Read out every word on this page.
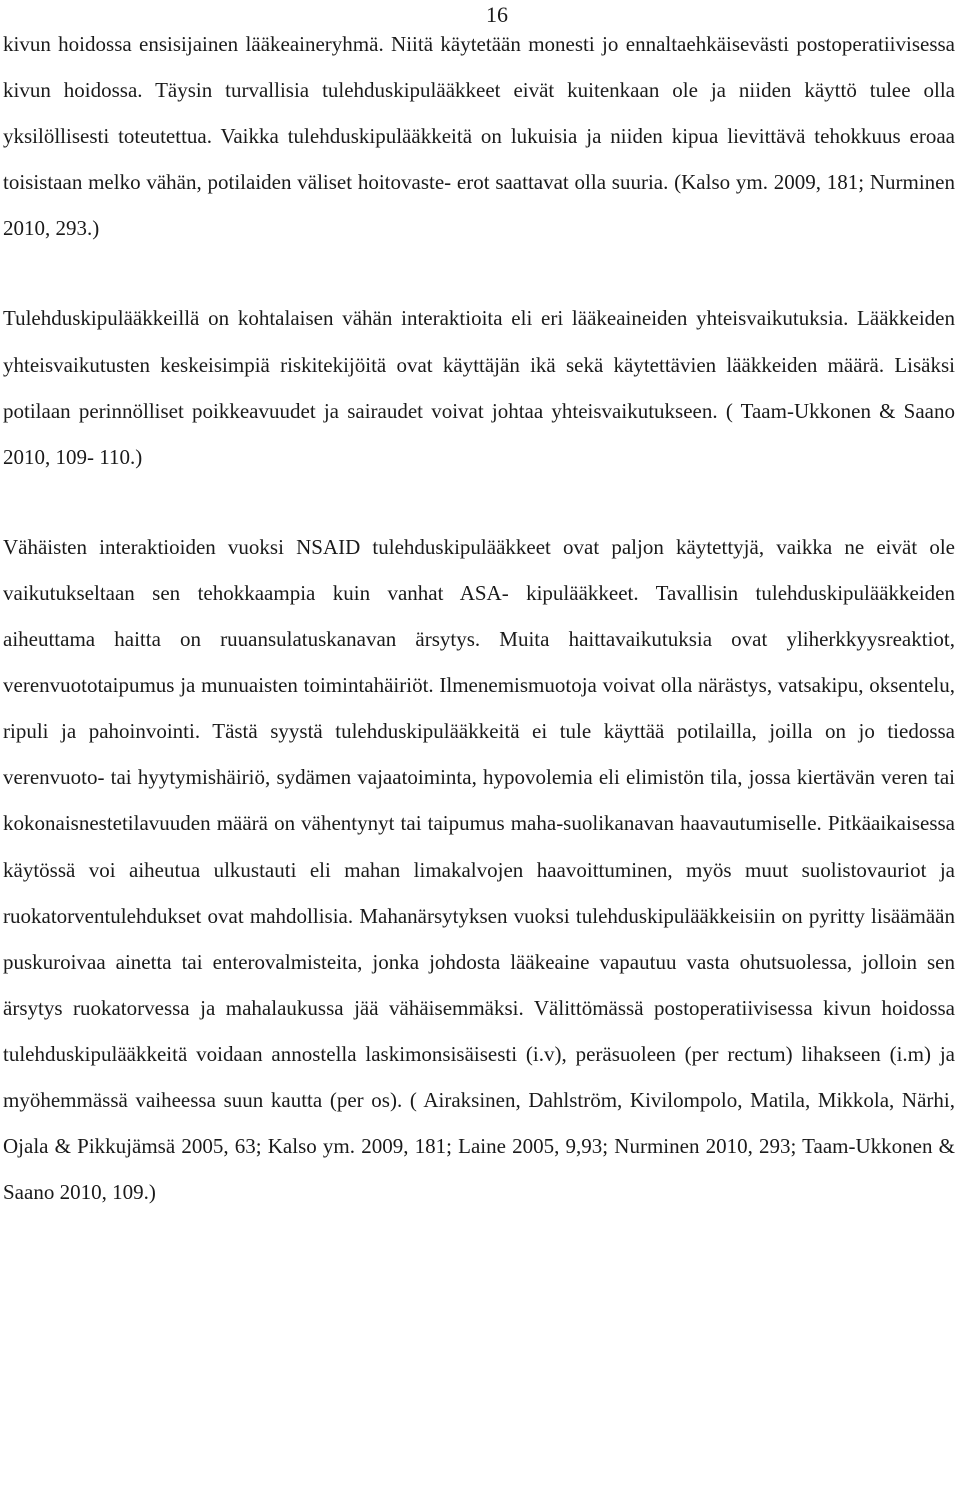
16

kivun hoidossa ensisijainen lääkeaineryhmä. Niitä käytetään monesti jo ennaltaehkäisevästi postoperatiivisessa kivun hoidossa. Täysin turvallisia tulehduskipulääkkeet eivät kuitenkaan ole ja niiden käyttö tulee olla yksilöllisesti toteutettua. Vaikka tulehduskipulääkkeitä on lukuisia ja niiden kipua lievittävä tehokkuus eroaa toisistaan melko vähän, potilaiden väliset hoitovaste- erot saattavat olla suuria. (Kalso ym. 2009, 181; Nurminen 2010, 293.)

Tulehduskipulääkkeillä on kohtalaisen vähän interaktioita eli eri lääkeaineiden yhteisvaikutuksia. Lääkkeiden yhteisvaikutusten keskeisimpiä riskitekijöitä ovat käyttäjän ikä sekä käytettävien lääkkeiden määrä. Lisäksi potilaan perinnölliset poikkeavuudet ja sairaudet voivat johtaa yhteisvaikutukseen. ( Taam-Ukkonen & Saano 2010, 109- 110.)

Vähäisten interaktioiden vuoksi NSAID tulehduskipulääkkeet ovat paljon käytettyjä, vaikka ne eivät ole vaikutukseltaan sen tehokkaampia kuin vanhat ASA- kipulääkkeet. Tavallisin tulehduskipulääkkeiden aiheuttama haitta on ruuansulatuskanavan ärsytys. Muita haittavaikutuksia ovat yliherkkyysreaktiot, verenvuototaipumus ja munuaisten toimintahäiriöt. Ilmenemismuotoja voivat olla närästys, vatsakipu, oksentelu, ripuli ja pahoinvointi. Tästä syystä tulehduskipulääkkeitä ei tule käyttää potilailla, joilla on jo tiedossa verenvuoto- tai hyytymishäiriö, sydämen vajaatoiminta, hypovolemia eli elimistön tila, jossa kiertävän veren tai kokonaisnestetilavuuden määrä on vähentynyt tai taipumus maha-suolikanavan haavautumiselle. Pitkäaikaisessa käytössä voi aiheutua ulkustauti eli mahan limakalvojen haavoittuminen, myös muut suolistovauriot ja ruokatorventulehdukset ovat mahdollisia. Mahanärsytyksen vuoksi tulehduskipulääkkeisiin on pyritty lisäämään puskuroivaa ainetta tai enterovalmisteita, jonka johdosta lääkeaine vapautuu vasta ohutsuolessa, jolloin sen ärsytys ruokatorvessa ja mahalaukussa jää vähäisemmäksi. Välittömässä postoperatiivisessa kivun hoidossa tulehduskipulääkkeitä voidaan annostella laskimonsisäisesti (i.v), peräsuoleen (per rectum) lihakseen (i.m) ja myöhemmässä vaiheessa suun kautta (per os). ( Airaksinen, Dahlström, Kivilompolo, Matila, Mikkola, Närhi, Ojala & Pikkujämsä 2005, 63; Kalso ym. 2009, 181; Laine 2005, 9,93; Nurminen 2010, 293; Taam-Ukkonen & Saano 2010, 109.)
